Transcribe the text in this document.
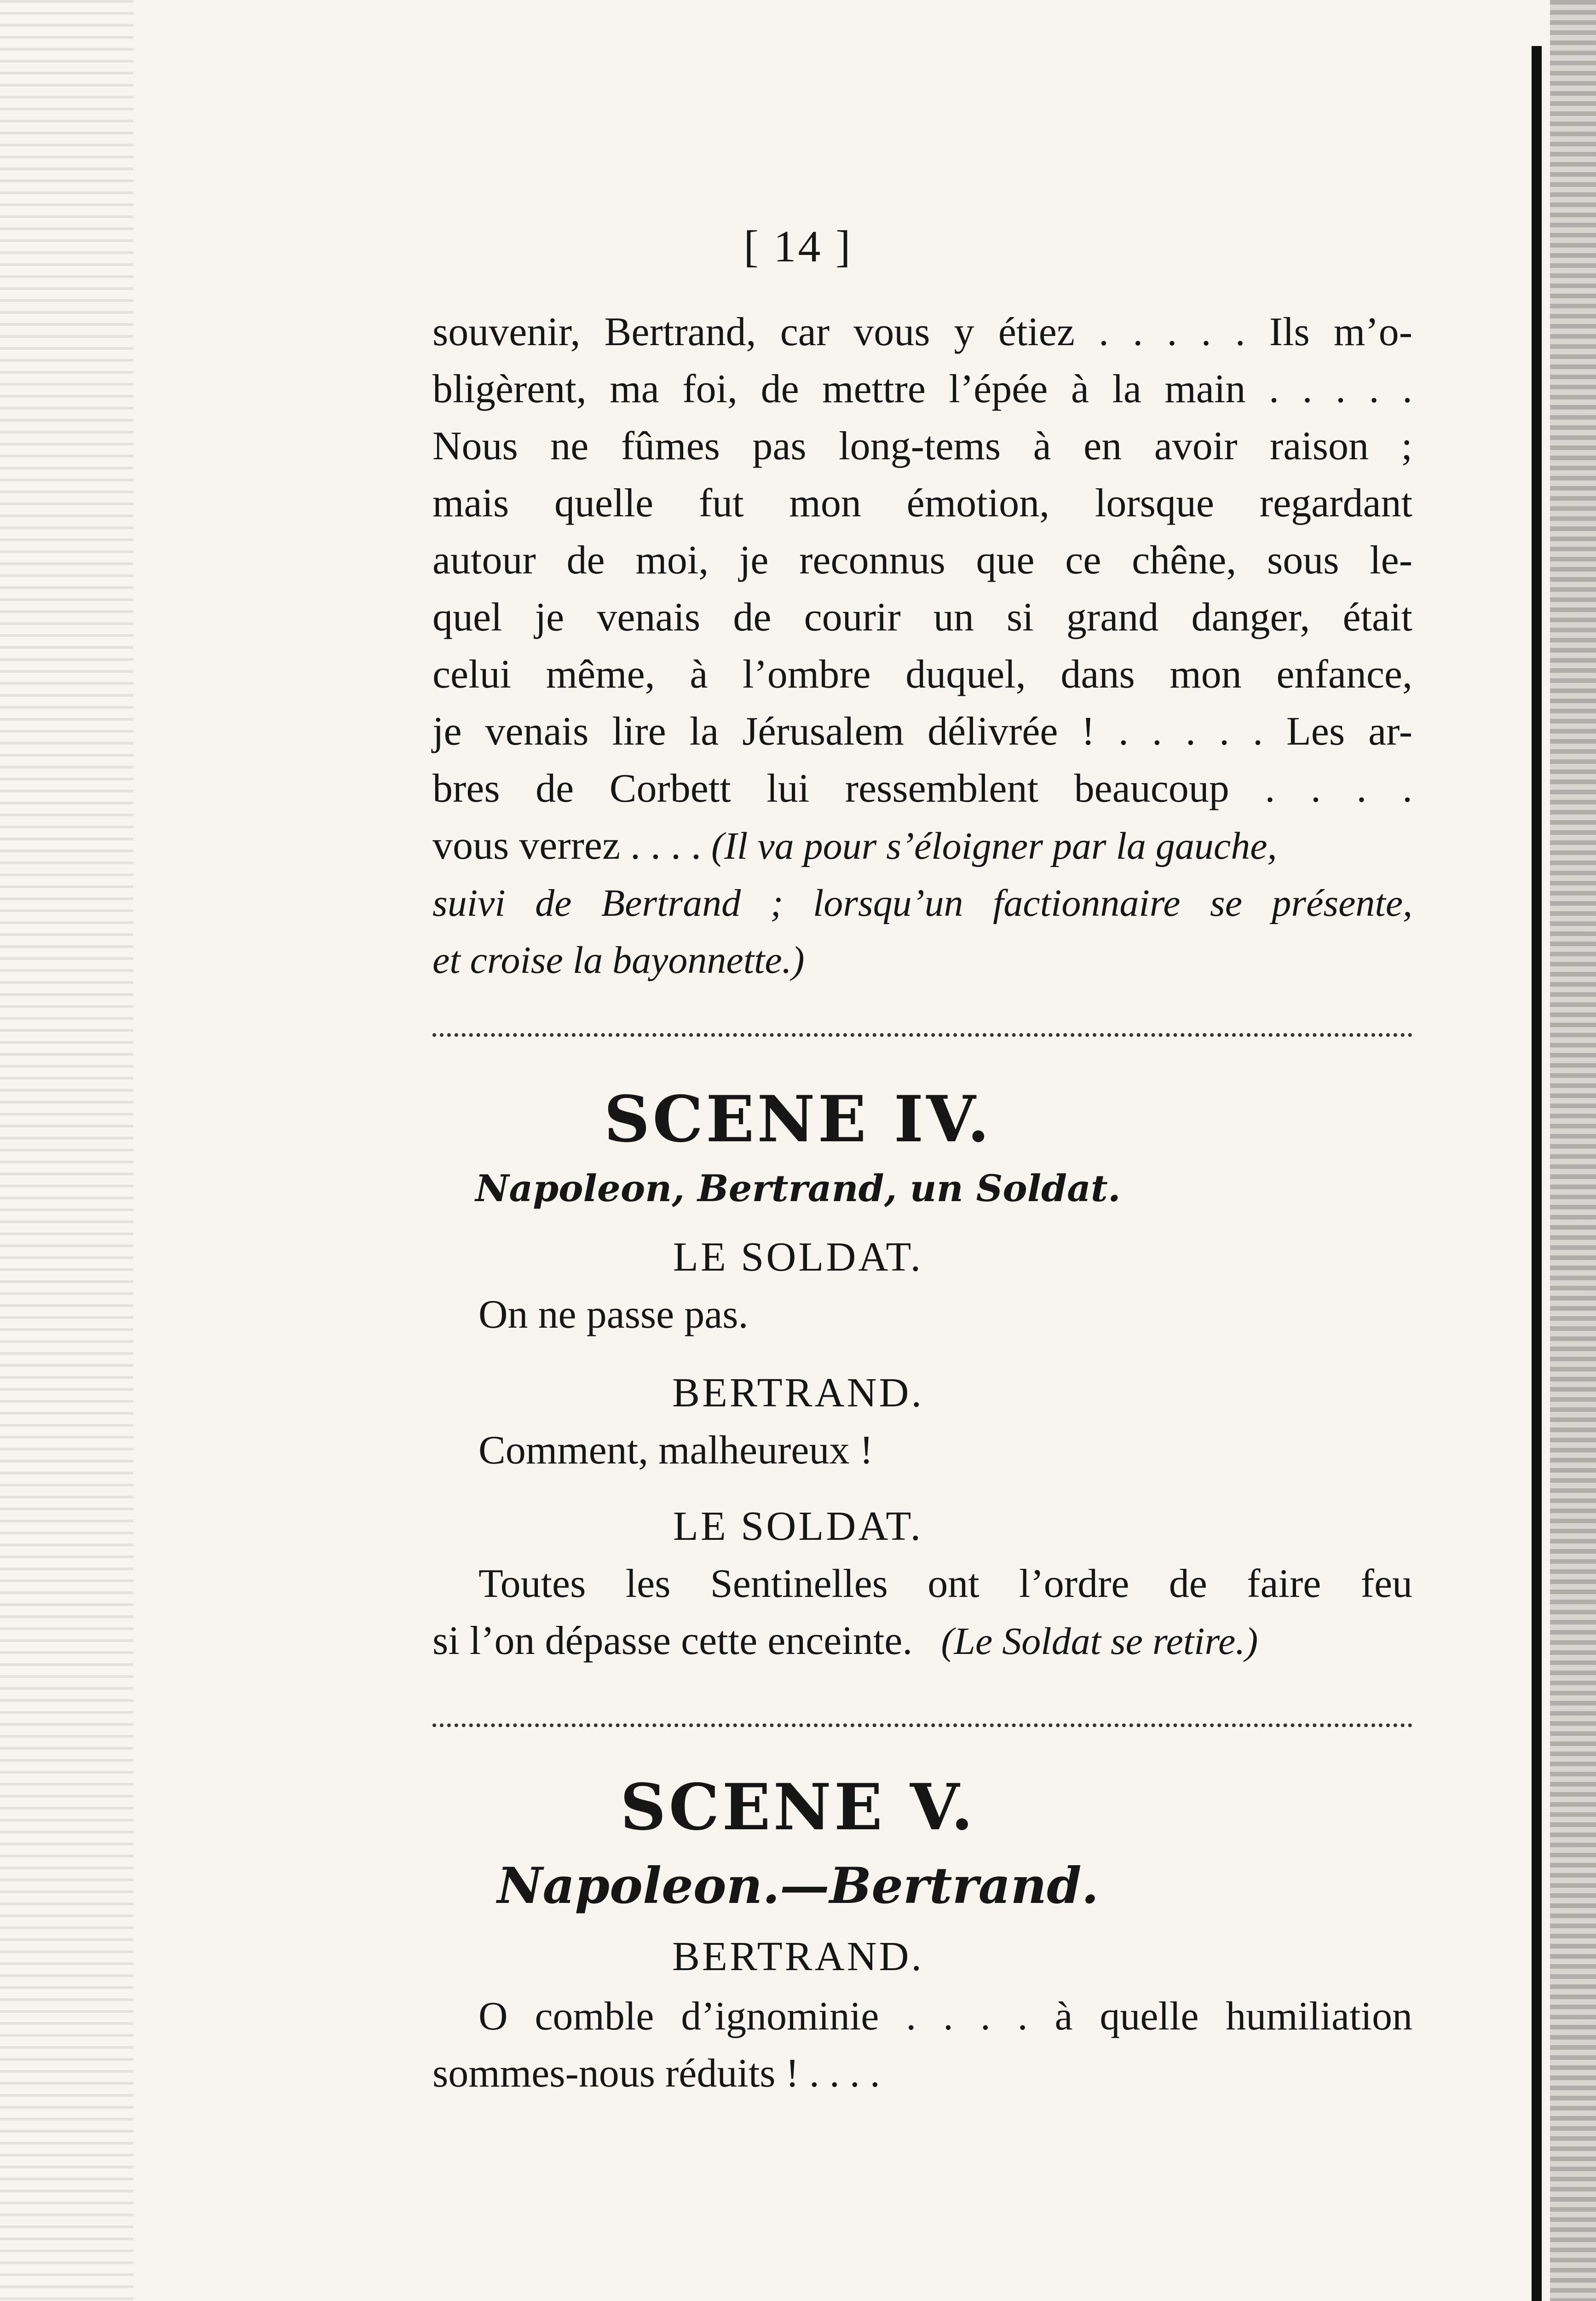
[ 14 ]
souvenir, Bertrand, car vous y étiez . . . . . Ils m’o-
bligèrent, ma foi, de mettre l’épée à la main . . . . .
Nous ne fûmes pas long-tems à en avoir raison ;
mais quelle fut mon émotion, lorsque regardant
autour de moi, je reconnus que ce chêne, sous le-
quel je venais de courir un si grand danger, était
celui même, à l’ombre duquel, dans mon enfance,
je venais lire la Jérusalem délivrée ! . . . . . Les ar-
bres de Corbett lui ressemblent beaucoup . . . .
vous verrez . . . . (Il va pour s’éloigner par la gauche,
suivi de Bertrand ; lorsqu’un factionnaire se présente,
et croise la bayonnette.)
SCENE IV.
Napoleon, Bertrand, un Soldat.
LE SOLDAT.
On ne passe pas.
BERTRAND.
Comment, malheureux !
LE SOLDAT.
Toutes les Sentinelles ont l’ordre de faire feu
si l’on dépasse cette enceinte. (Le Soldat se retire.)
SCENE V.
Napoleon.—Bertrand.
BERTRAND.
O comble d’ignominie . . . . à quelle humiliation
sommes-nous réduits ! . . . .
